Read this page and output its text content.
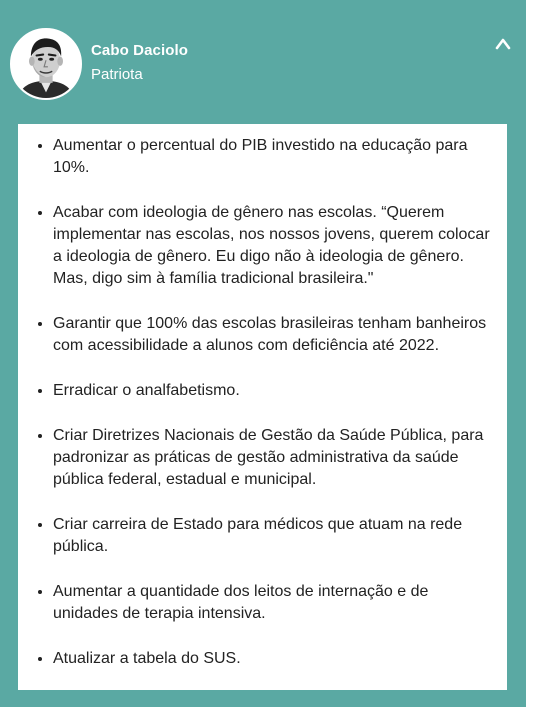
Cabo Daciolo
Patriota
• Aumentar o percentual do PIB investido na educação para 10%.
• Acabar com ideologia de gênero nas escolas. “Querem implementar nas escolas, nos nossos jovens, querem colocar a ideologia de gênero. Eu digo não à ideologia de gênero. Mas, digo sim à família tradicional brasileira."
• Garantir que 100% das escolas brasileiras tenham banheiros com acessibilidade a alunos com deficiência até 2022.
• Erradicar o analfabetismo.
• Criar Diretrizes Nacionais de Gestão da Saúde Pública, para padronizar as práticas de gestão administrativa da saúde pública federal, estadual e municipal.
• Criar carreira de Estado para médicos que atuam na rede pública.
• Aumentar a quantidade dos leitos de internação e de unidades de terapia intensiva.
• Atualizar a tabela do SUS.
